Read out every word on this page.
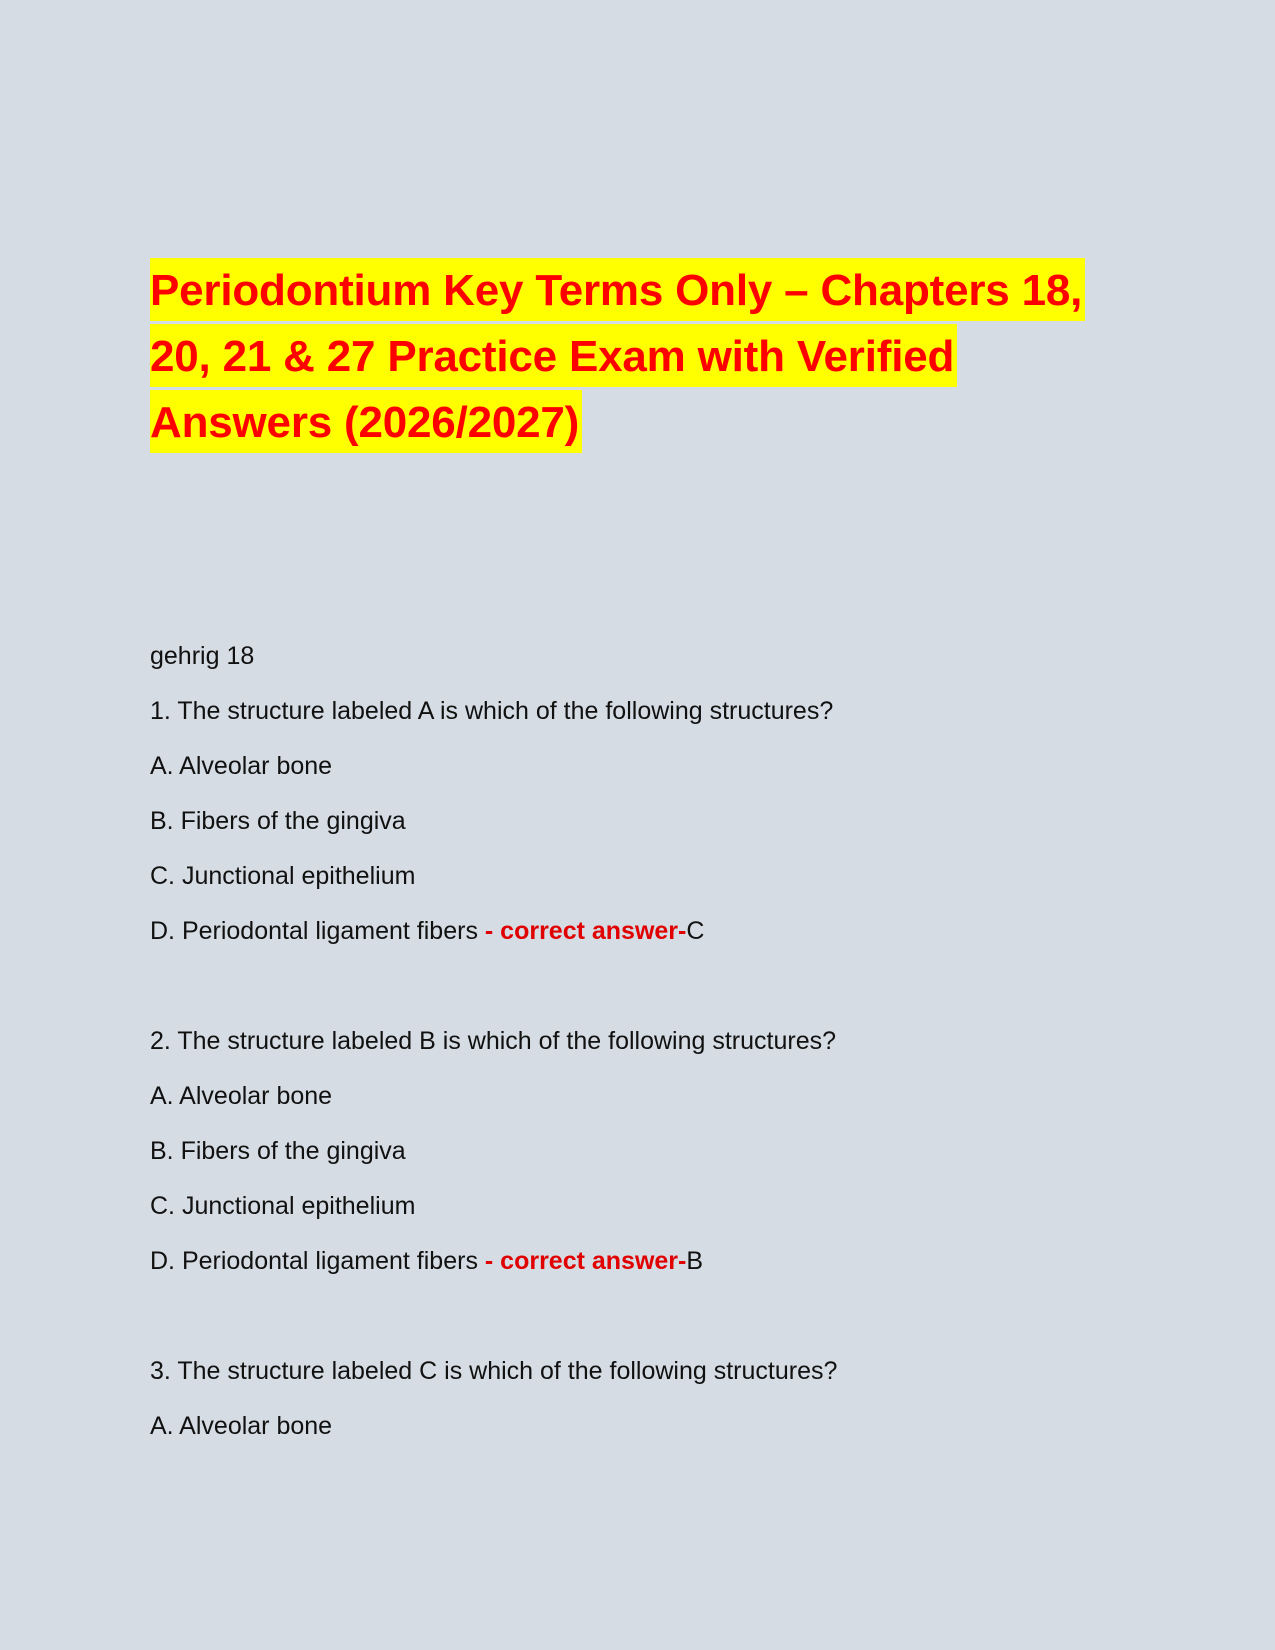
Periodontium Key Terms Only – Chapters 18,
20, 21 & 27 Practice Exam with Verified
Answers (2026/2027)
gehrig 18
1. The structure labeled A is which of the following structures?
A. Alveolar bone
B. Fibers of the gingiva
C. Junctional epithelium
D. Periodontal ligament fibers - correct answer-C
2. The structure labeled B is which of the following structures?
A. Alveolar bone
B. Fibers of the gingiva
C. Junctional epithelium
D. Periodontal ligament fibers - correct answer-B
3. The structure labeled C is which of the following structures?
A. Alveolar bone
